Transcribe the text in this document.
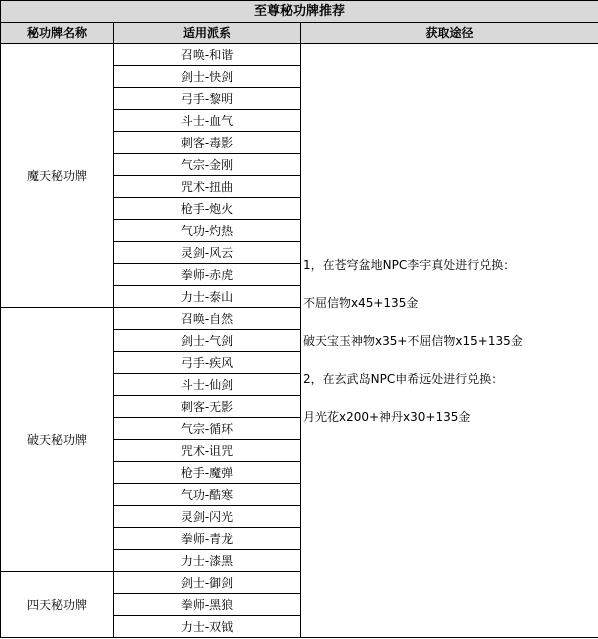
至尊秘功牌推荐		
秘功牌名称	适用派系	获取途径
魔天秘功牌	召唤-和谐	1，在苍穹盆地NPC李宇真处进行兑换：
不屈信物x45+135金
破天宝玉神物x35+不屈信物x15+135金
2，在玄武岛NPC申希远处进行兑换：
月光花x200+神丹x30+135金

	剑士-快剑	
	弓手-黎明	
	斗士-血气	
	刺客-毒影	
	气宗-金刚	
	咒术-扭曲	
	枪手-炮火	
	气功-灼热	
	灵剑-风云	
	拳师-赤虎	
	力士-泰山	
破天秘功牌	召唤-自然	
	剑士-气剑	
	弓手-疾风	
	斗士-仙剑	
	刺客-无影	
	气宗-循环	
	咒术-诅咒	
	枪手-魔弹	
	气功-酷寒	
	灵剑-闪光	
	拳师-青龙	
	力士-漆黑	
四天秘功牌	剑士-御剑	
	拳师-黑狼	
	力士-双钺	
